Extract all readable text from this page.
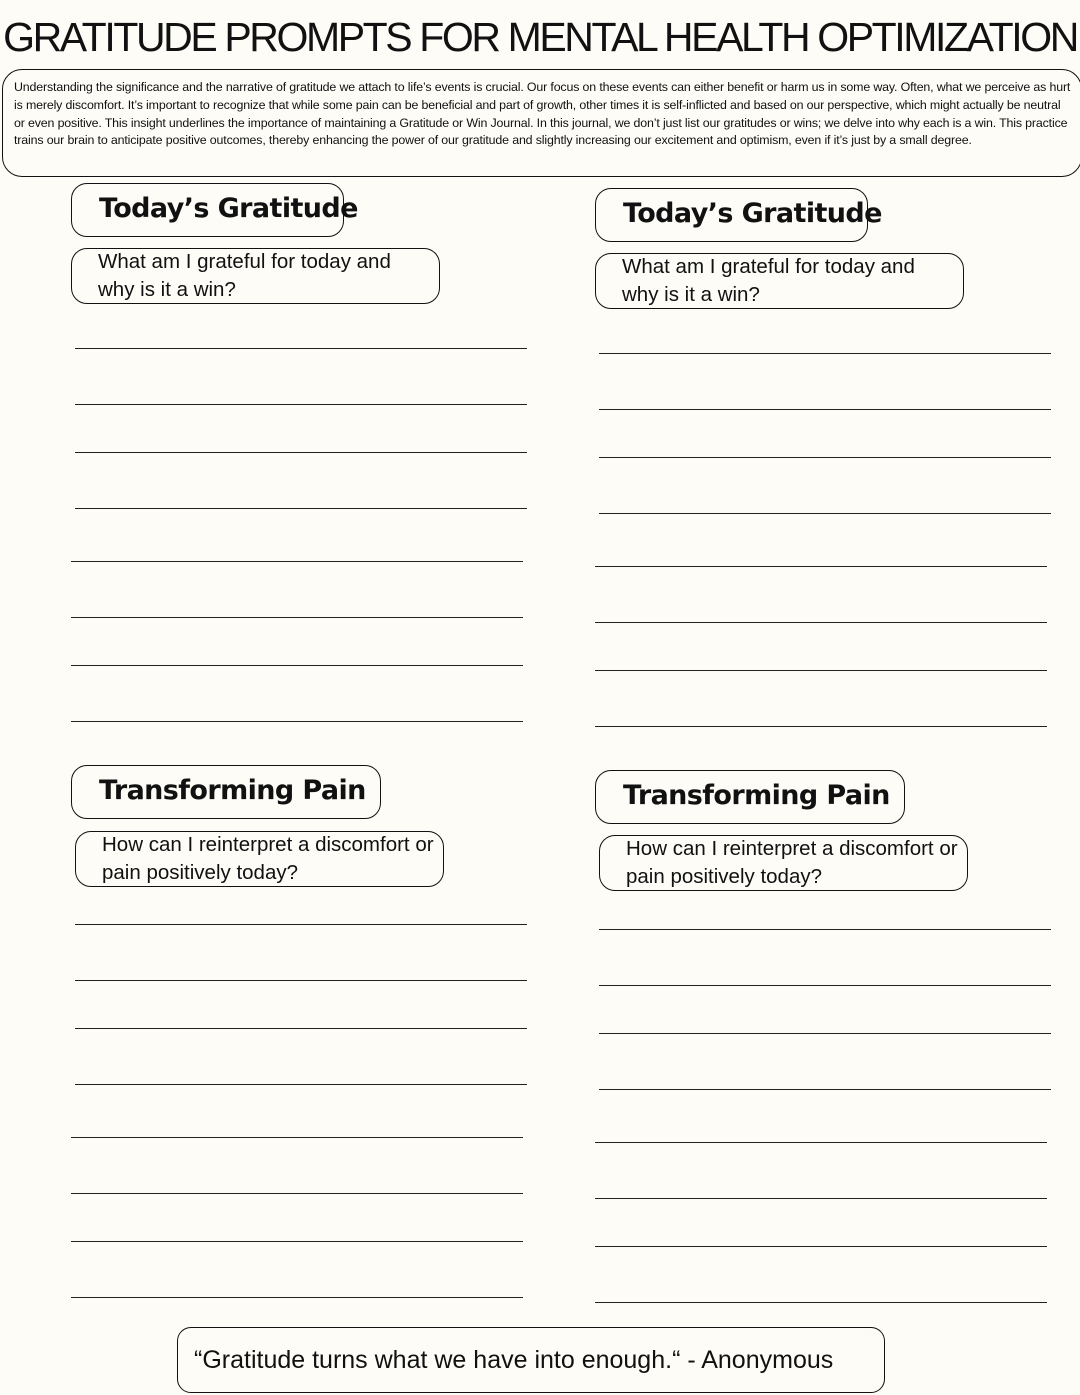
GRATITUDE PROMPTS FOR MENTAL HEALTH OPTIMIZATION
Understanding the significance and the narrative of gratitude we attach to life’s events is crucial. Our focus on these events can either benefit or harm us in some way. Often, what we perceive as hurt is merely discomfort. It’s important to recognize that while some pain can be beneficial and part of growth, other times it is self-inflicted and based on our perspective, which might actually be neutral or even positive. This insight underlines the importance of maintaining a Gratitude or Win Journal. In this journal, we don’t just list our gratitudes or wins; we delve into why each is a win. This practice trains our brain to anticipate positive outcomes, thereby enhancing the power of our gratitude and slightly increasing our excitement and optimism, even if it’s just by a small degree.
Today’s Gratitude
What am I grateful for today and
why is it a win?
Today’s Gratitude
What am I grateful for today and
why is it a win?
Transforming Pain
How can I reinterpret a discomfort or
pain positively today?
Transforming Pain
How can I reinterpret a discomfort or
pain positively today?
“Gratitude turns what we have into enough.“ - Anonymous
